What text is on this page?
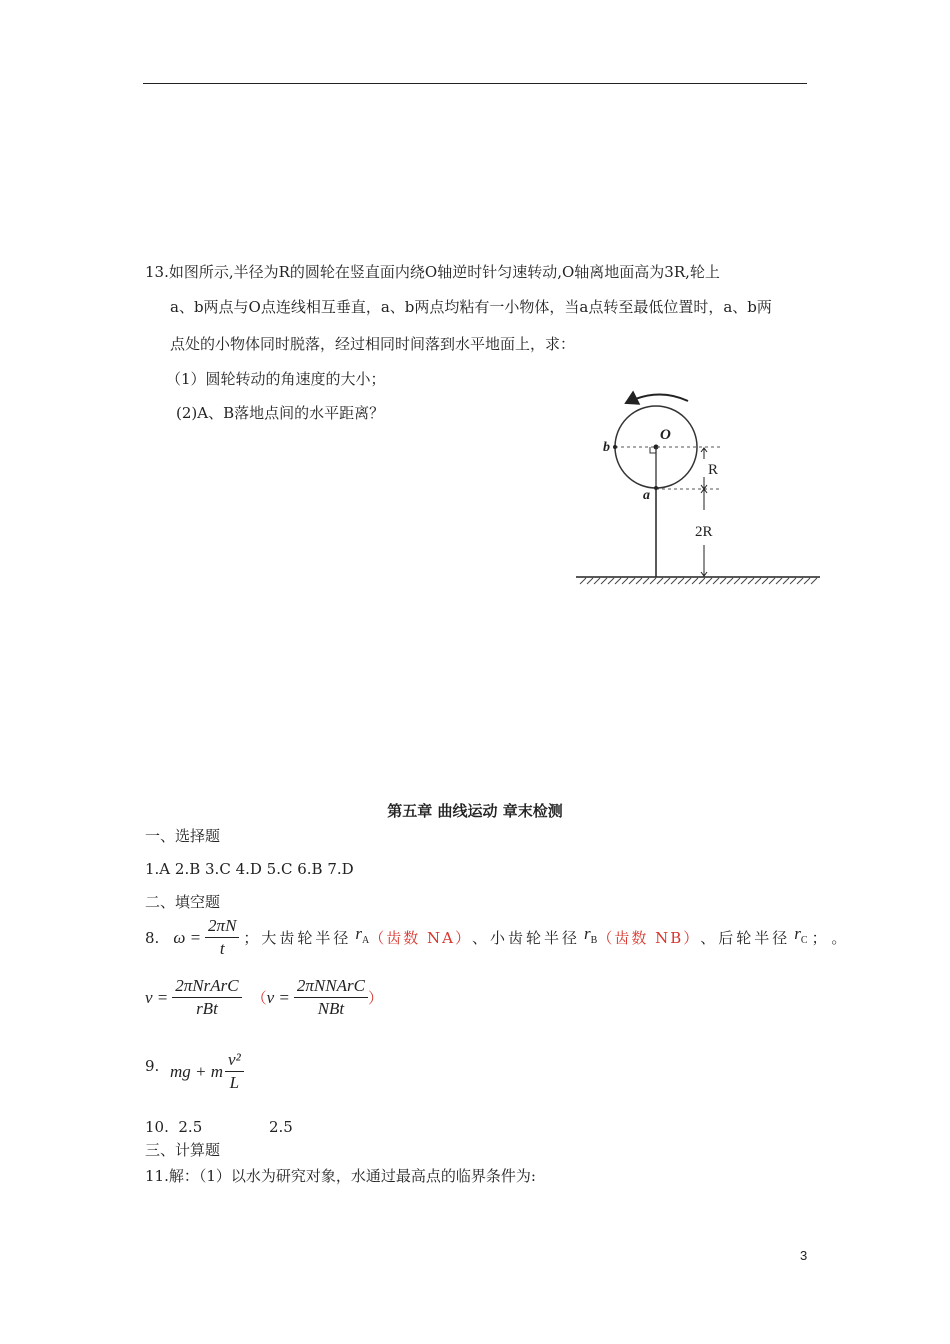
13.如图所示,半径为R的圆轮在竖直面内绕O轴逆时针匀速转动,O轴离地面高为3R,轮上
a、b两点与O点连线相互垂直，a、b两点均粘有一小物体，当a点转至最低位置时，a、b两
点处的小物体同时脱落，经过相同时间落到水平地面上，求：
（1）圆轮转动的角速度的大小；
(2)A、B落地点间的水平距离？
O
b
a
R
2R
第五章 曲线运动 章末检测
一、选择题
1.A 2.B 3.C 4.D 5.C 6.B 7.D
二、填空题
8. $\omega = \frac{2\pi N}{t}$ ；大齿轮半径 $r_A$ （齿数 NA） 、小齿轮半径 $r_B$ （齿数 NB） 、后轮半径 $r_C$ ； 。
$v = \frac{\text{2πNrArC}}{\text{rBt}}$ （ $v = \frac{\text{2πNNArC}}{\text{NBt}}$ ）
9. mg + m $\frac{\text{v²}}{L}$
10.  2.5              2.5
三、计算题
11.解：（1）以水为研究对象，水通过最高点的临界条件为:
3
